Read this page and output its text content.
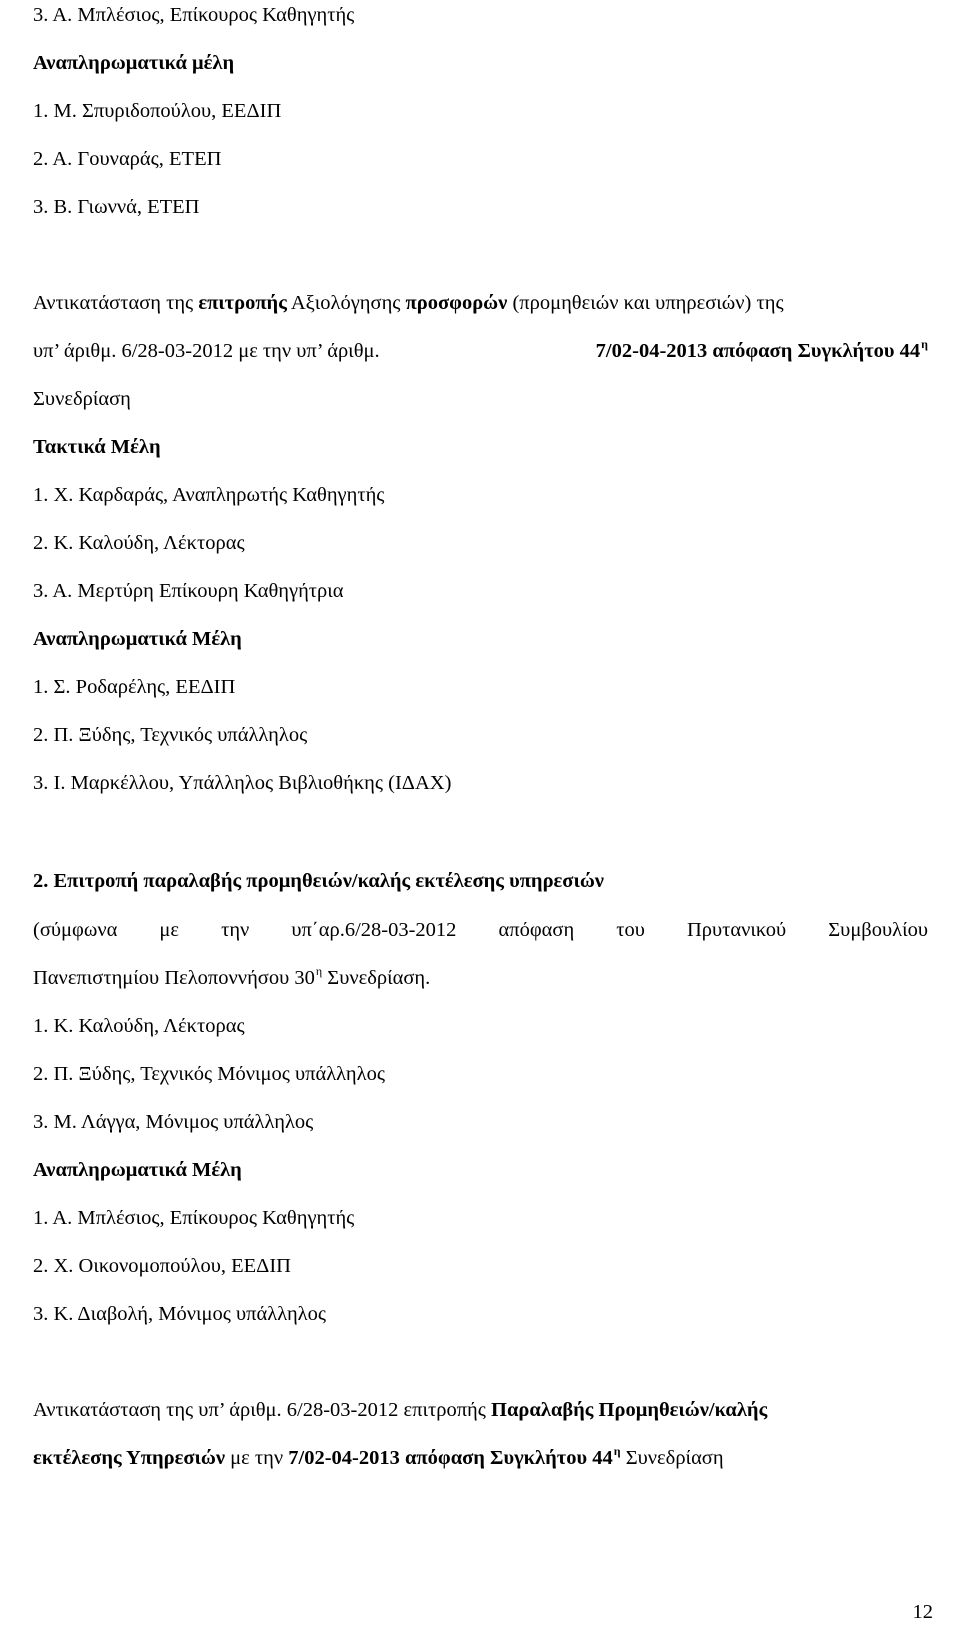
3. Α. Μπλέσιος, Επίκουρος Καθηγητής
Αναπληρωματικά μέλη
1. Μ. Σπυριδοπούλου, ΕΕΔΙΠ
2. Α. Γουναράς, ΕΤΕΠ
3. Β. Γιωννά, ΕΤΕΠ
Αντικατάσταση της επιτροπής Αξιολόγησης προσφορών (προμηθειών και υπηρεσιών) της
υπ’ άριθμ. 6/28-03-2012 με την υπ’ άριθμ.	7/02-04-2013 απόφαση Συγκλήτου $44^\eta$
Συνεδρίαση
Τακτικά Μέλη
1. Χ. Καρδαράς, Αναπληρωτής Καθηγητής
2. Κ. Καλούδη, Λέκτορας
3. Α. Μερτύρη Επίκουρη Καθηγήτρια
Αναπληρωματικά Μέλη
1. Σ. Ροδαρέλης, ΕΕΔΙΠ
2. Π. Ξύδης, Τεχνικός υπάλληλος
3. Ι. Μαρκέλλου, Υπάλληλος Βιβλιοθήκης (ΙΔΑΧ)
2. Επιτροπή παραλαβής προμηθειών/καλής εκτέλεσης υπηρεσιών
(σύμφωνα με την υπ΄αρ.6/28-03-2012 απόφαση του Πρυτανικού Συμβουλίου
Πανεπιστημίου Πελοποννήσου $30^\eta$ Συνεδρίαση.
1. Κ. Καλούδη, Λέκτορας
2. Π. Ξύδης, Τεχνικός Μόνιμος υπάλληλος
3. Μ. Λάγγα, Μόνιμος υπάλληλος
Αναπληρωματικά Μέλη
1. Α. Μπλέσιος, Επίκουρος Καθηγητής
2. Χ. Οικονομοπούλου, ΕΕΔΙΠ
3. Κ. Διαβολή, Μόνιμος υπάλληλος
Αντικατάσταση της υπ’ άριθμ. 6/28-03-2012 επιτροπής Παραλαβής Προμηθειών/καλής
εκτέλεσης Υπηρεσιών με την 7/02-04-2013 απόφαση Συγκλήτου $44^\eta$ Συνεδρίαση
12
